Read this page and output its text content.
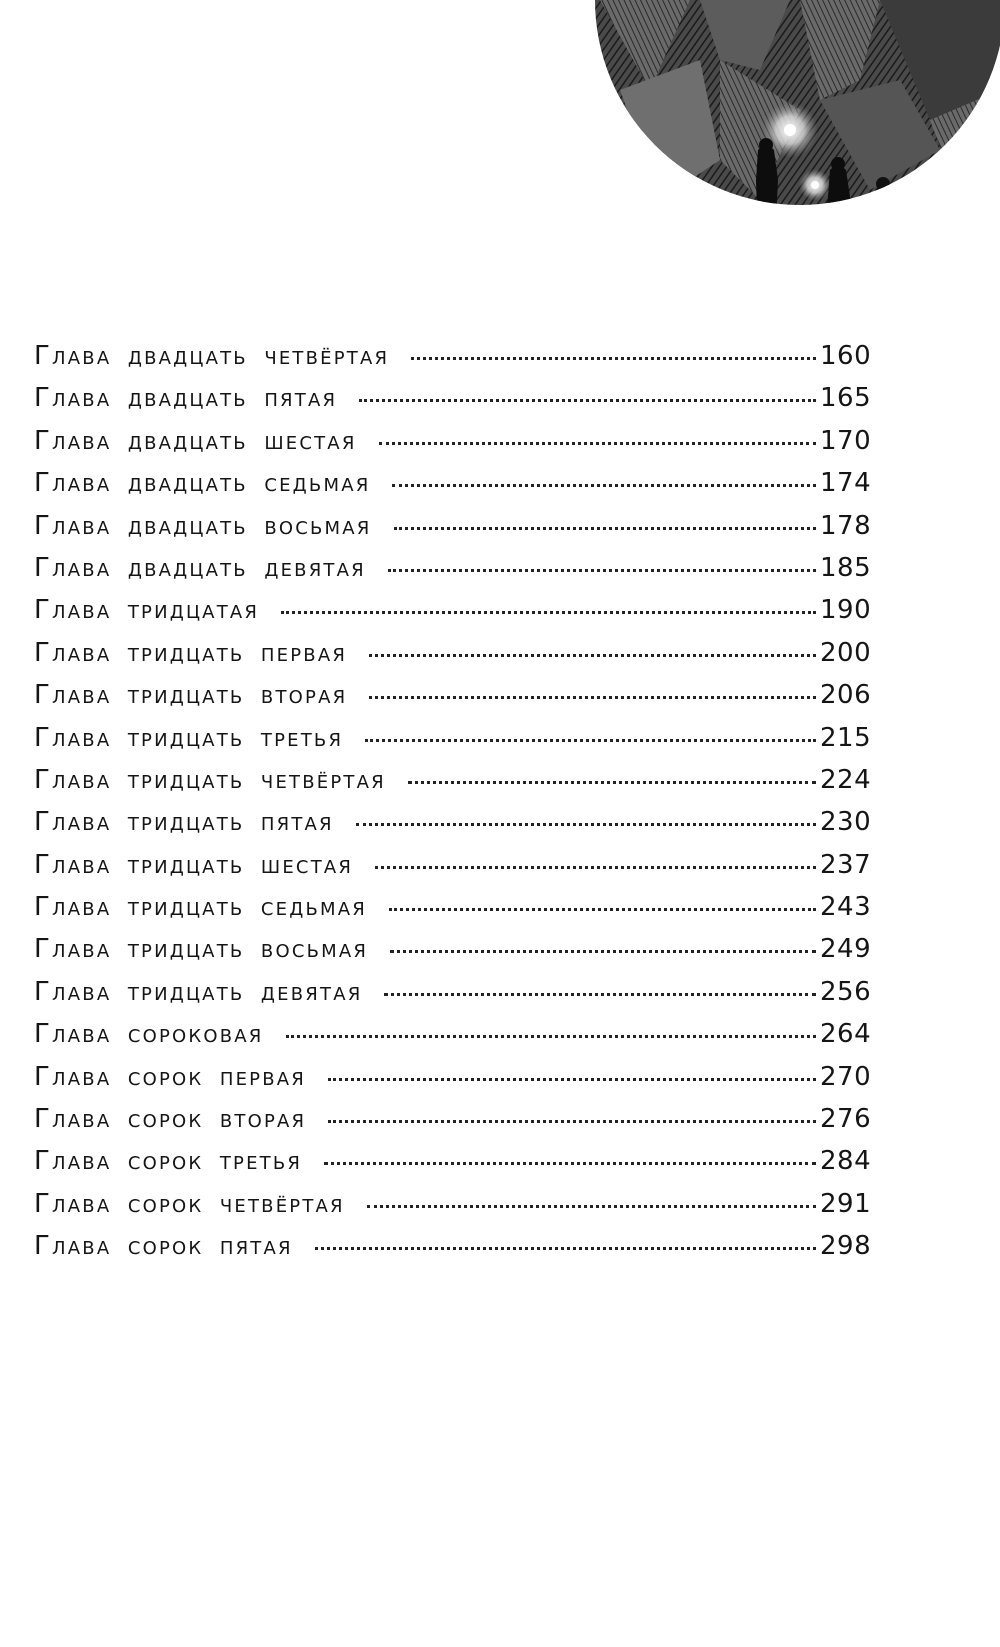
Глава двадцать четвёртая	160
Глава двадцать пятая	165
Глава двадцать шестая	170
Глава двадцать седьмая	174
Глава двадцать восьмая	178
Глава двадцать девятая	185
Глава тридцатая	190
Глава тридцать первая	200
Глава тридцать вторая	206
Глава тридцать третья	215
Глава тридцать четвёртая	224
Глава тридцать пятая	230
Глава тридцать шестая	237
Глава тридцать седьмая	243
Глава тридцать восьмая	249
Глава тридцать девятая	256
Глава сороковая	264
Глава сорок первая	270
Глава сорок вторая	276
Глава сорок третья	284
Глава сорок четвёртая	291
Глава сорок пятая	298
